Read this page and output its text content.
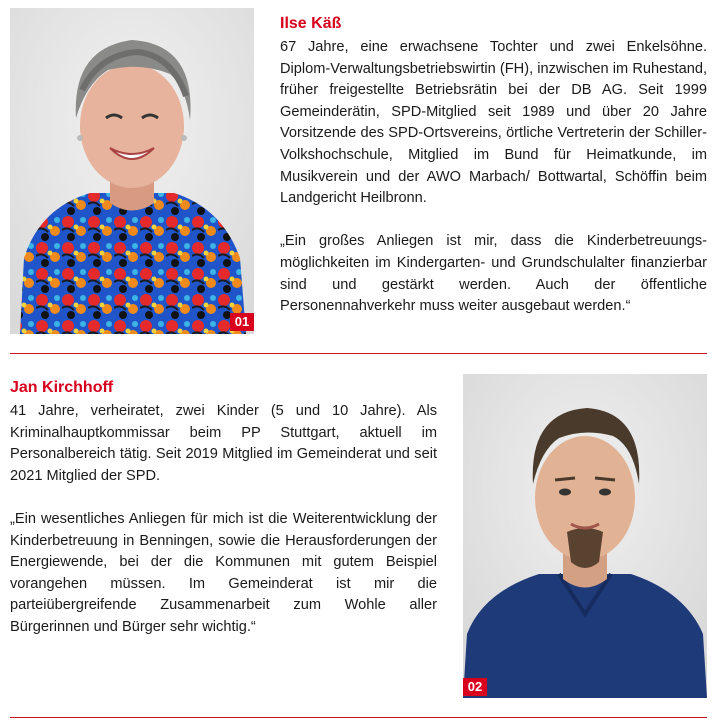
01
Ilse Käß

67 Jahre, eine erwachsene Tochter und zwei Enkelsöhne. Diplom-Verwaltungsbetriebswirtin (FH), inzwischen im Ruhestand, früher freigestellte Betriebsrätin bei der DB AG. Seit 1999 Gemeinderätin, SPD-Mitglied seit 1989 und über 20 Jahre Vorsitzende des SPD-Ortsvereins, örtliche Vertreterin der Schiller-Volkshochschule, Mitglied im Bund für Heimatkunde, im Musikverein und der AWO Marbach/ Bottwartal, Schöffin beim Landgericht Heilbronn.

„Ein großes Anliegen ist mir, dass die Kinderbetreuungsmöglichkeiten im Kindergarten- und Grundschulalter finanzierbar sind und gestärkt werden. Auch der öffentliche Personennahverkehr muss weiter ausgebaut werden.“

Jan Kirchhoff

41 Jahre, verheiratet, zwei Kinder (5 und 10 Jahre). Als Kriminalhauptkommissar beim PP Stuttgart, aktuell im Personalbereich tätig. Seit 2019 Mitglied im Gemeinderat und seit 2021 Mitglied der SPD.

„Ein wesentliches Anliegen für mich ist die Weiterentwicklung der Kinderbetreuung in Benningen, sowie die Herausforderungen der Energiewende, bei der die Kommunen mit gutem Beispiel vorangehen müssen. Im Gemeinderat ist mir die parteiübergreifende Zusammenarbeit zum Wohle aller Bürgerinnen und Bürger sehr wichtig.“

02
